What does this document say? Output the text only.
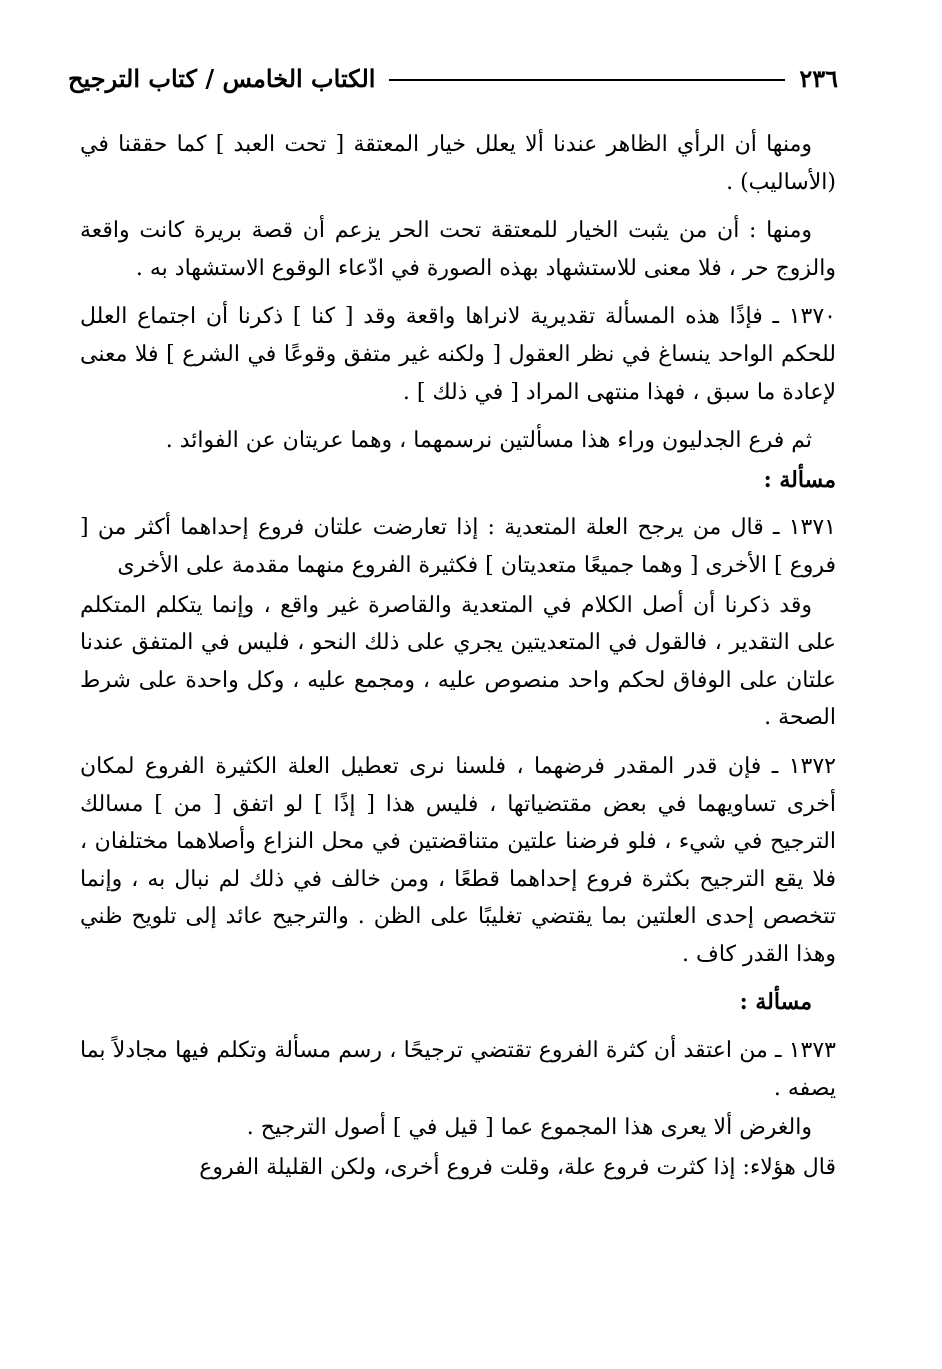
٢٣٦
الكتاب الخامس / كتاب الترجيح

ومنها أن الرأي الظاهر عندنا ألا يعلل خيار المعتقة [ تحت العبد ] كما حققنا في (الأساليب) .

ومنها : أن من يثبت الخيار للمعتقة تحت الحر يزعم أن قصة بريرة كانت واقعة والزوج حر ، فلا معنى للاستشهاد بهذه الصورة في ادّعاء الوقوع الاستشهاد به .

١٣٧٠ ـ فإذًا هذه المسألة تقديرية لانراها واقعة وقد [ كنا ] ذكرنا أن اجتماع العلل للحكم الواحد ينساغ في نظر العقول [ ولكنه غير متفق وقوعًا في الشرع ] فلا معنى لإعادة ما سبق ، فهذا منتهى المراد [ في ذلك ] .

ثم فرع الجدليون وراء هذا مسألتين نرسمهما ، وهما عريتان عن الفوائد .

مسألة :

١٣٧١ ـ قال من يرجح العلة المتعدية : إذا تعارضت علتان فروع إحداهما أكثر من [ فروع ] الأخرى [ وهما جميعًا متعديتان ] فكثيرة الفروع منهما مقدمة على الأخرى

وقد ذكرنا أن أصل الكلام في المتعدية والقاصرة غير واقع ، وإنما يتكلم المتكلم على التقدير ، فالقول في المتعديتين يجري على ذلك النحو ، فليس في المتفق عندنا علتان على الوفاق لحكم واحد منصوص عليه ، ومجمع عليه ، وكل واحدة على شرط الصحة .

١٣٧٢ ـ فإن قدر المقدر فرضهما ، فلسنا نرى تعطيل العلة الكثيرة الفروع لمكان أخرى تساويهما في بعض مقتضياتها ، فليس هذا [ إذًا ] لو اتفق [ من ] مسالك الترجيح في شيء ، فلو فرضنا علتين متناقضتين في محل النزاع وأصلاهما مختلفان ، فلا يقع الترجيح بكثرة فروع إحداهما قطعًا ، ومن خالف في ذلك لم نبال به ، وإنما تتخصص إحدى العلتين بما يقتضي تغليبًا على الظن . والترجيح عائد إلى تلويح ظني وهذا القدر كاف .

مسألة :

١٣٧٣ ـ من اعتقد أن كثرة الفروع تقتضي ترجيحًا ، رسم مسألة وتكلم فيها مجادلاً بما يصفه .

والغرض ألا يعرى هذا المجموع عما [ قيل في ] أصول الترجيح .

قال هؤلاء: إذا كثرت فروع علة، وقلت فروع أخرى، ولكن القليلة الفروع
